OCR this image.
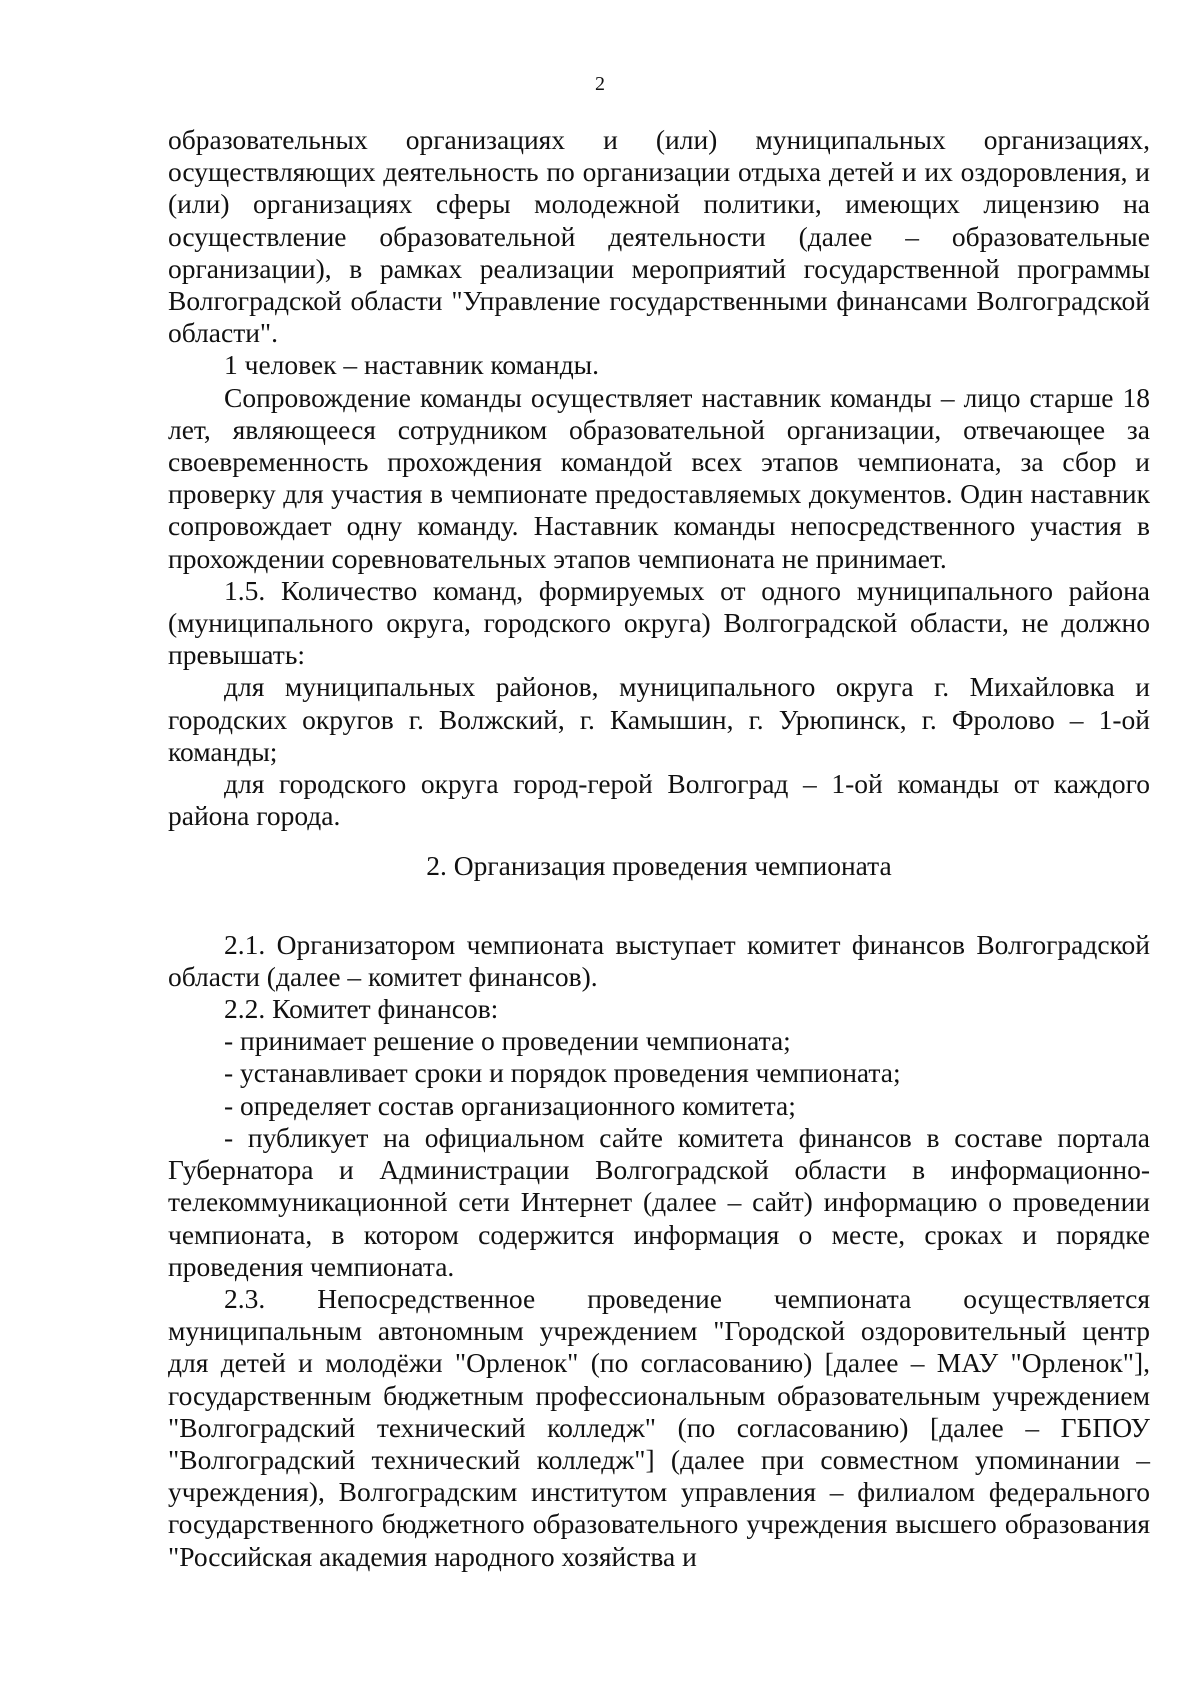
2

образовательных организациях и (или) муниципальных организациях, осуществляющих деятельность по организации отдыха детей и их оздоровления, и (или) организациях сферы молодежной политики, имеющих лицензию на осуществление образовательной деятельности (далее – образовательные организации), в рамках реализации мероприятий государственной программы Волгоградской области "Управление государственными финансами Волгоградской области".

1 человек – наставник команды.

Сопровождение команды осуществляет наставник команды – лицо старше 18 лет, являющееся сотрудником образовательной организации, отвечающее за своевременность прохождения командой всех этапов чемпионата, за сбор и проверку для участия в чемпионате предоставляемых документов. Один наставник сопровождает одну команду. Наставник команды непосредственного участия в прохождении соревновательных этапов чемпионата не принимает.

1.5. Количество команд, формируемых от одного муниципального района (муниципального округа, городского округа) Волгоградской области, не должно превышать:

для муниципальных районов, муниципального округа г. Михайловка и городских округов г. Волжский, г. Камышин, г. Урюпинск, г. Фролово – 1-ой команды;

для городского округа город-герой Волгоград – 1-ой команды от каждого района города.

2. Организация проведения чемпионата

2.1. Организатором чемпионата выступает комитет финансов Волгоградской области (далее – комитет финансов).

2.2. Комитет финансов:

- принимает решение о проведении чемпионата;

- устанавливает сроки и порядок проведения чемпионата;

- определяет состав организационного комитета;

- публикует на официальном сайте комитета финансов в составе портала Губернатора и Администрации Волгоградской области в информационно-телекоммуникационной сети Интернет (далее – сайт) информацию о проведении чемпионата, в котором содержится информация о месте, сроках и порядке проведения чемпионата.

2.3. Непосредственное проведение чемпионата осуществляется муниципальным автономным учреждением "Городской оздоровительный центр для детей и молодёжи "Орленок" (по согласованию) [далее – МАУ "Орленок"], государственным бюджетным профессиональным образовательным учреждением "Волгоградский технический колледж" (по согласованию) [далее – ГБПОУ "Волгоградский технический колледж"] (далее при совместном упоминании – учреждения), Волгоградским институтом управления – филиалом федерального государственного бюджетного образовательного учреждения высшего образования "Российская академия народного хозяйства и
